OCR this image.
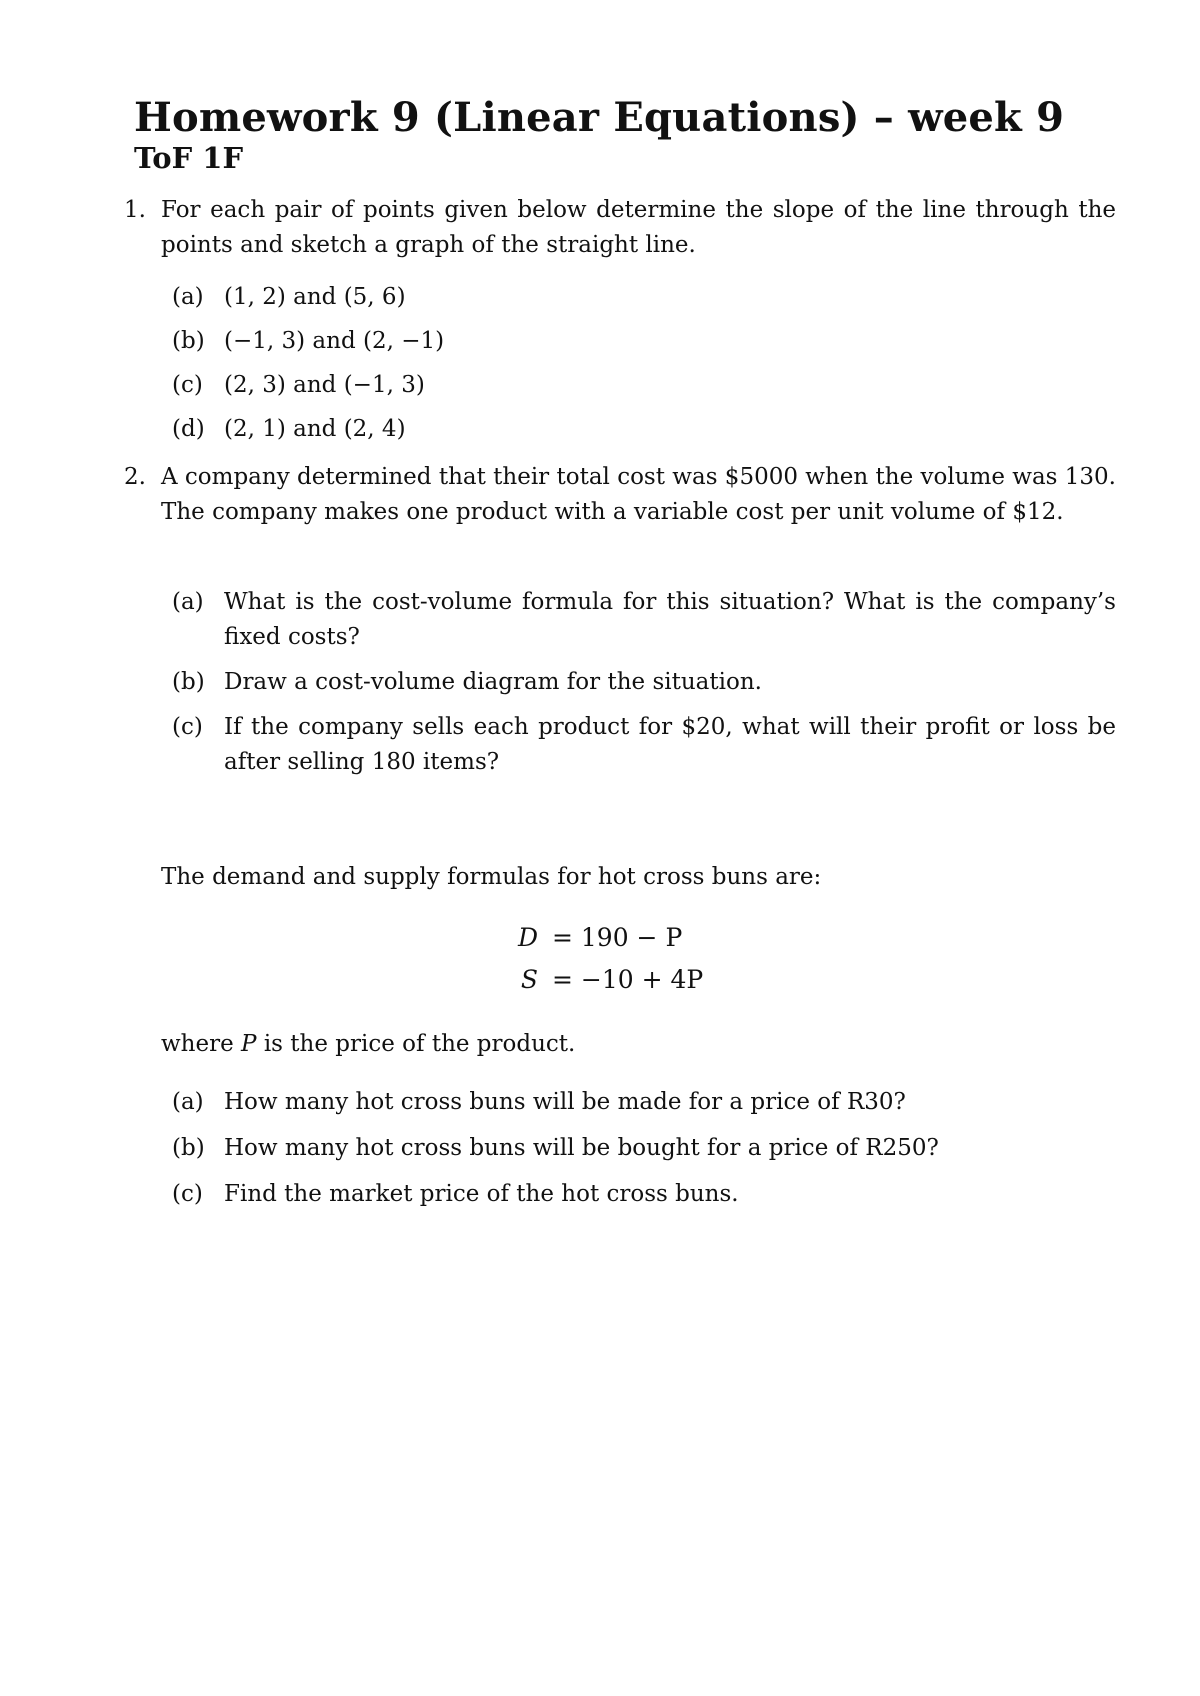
Homework 9 (Linear Equations) – week 9
ToF 1F
1. For each pair of points given below determine the slope of the line through the points and sketch a graph of the straight line.

(a) (1, 2) and (5, 6)
(b) (−1, 3) and (2, −1)
(c) (2, 3) and (−1, 3)
(d) (2, 1) and (2, 4)
2. A company determined that their total cost was $5000 when the volume was 130. The company makes one product with a variable cost per unit volume of $12.

(a) What is the cost-volume formula for this situation? What is the company’s fixed costs?
(b) Draw a cost-volume diagram for the situation.
(c) If the company sells each product for $20, what will their profit or loss be after selling 180 items?

The demand and supply formulas for hot cross buns are:

D = 190 − P
S = −10 + 4P

where P is the price of the product.

(a) How many hot cross buns will be made for a price of R30?
(b) How many hot cross buns will be bought for a price of R250?
(c) Find the market price of the hot cross buns.
